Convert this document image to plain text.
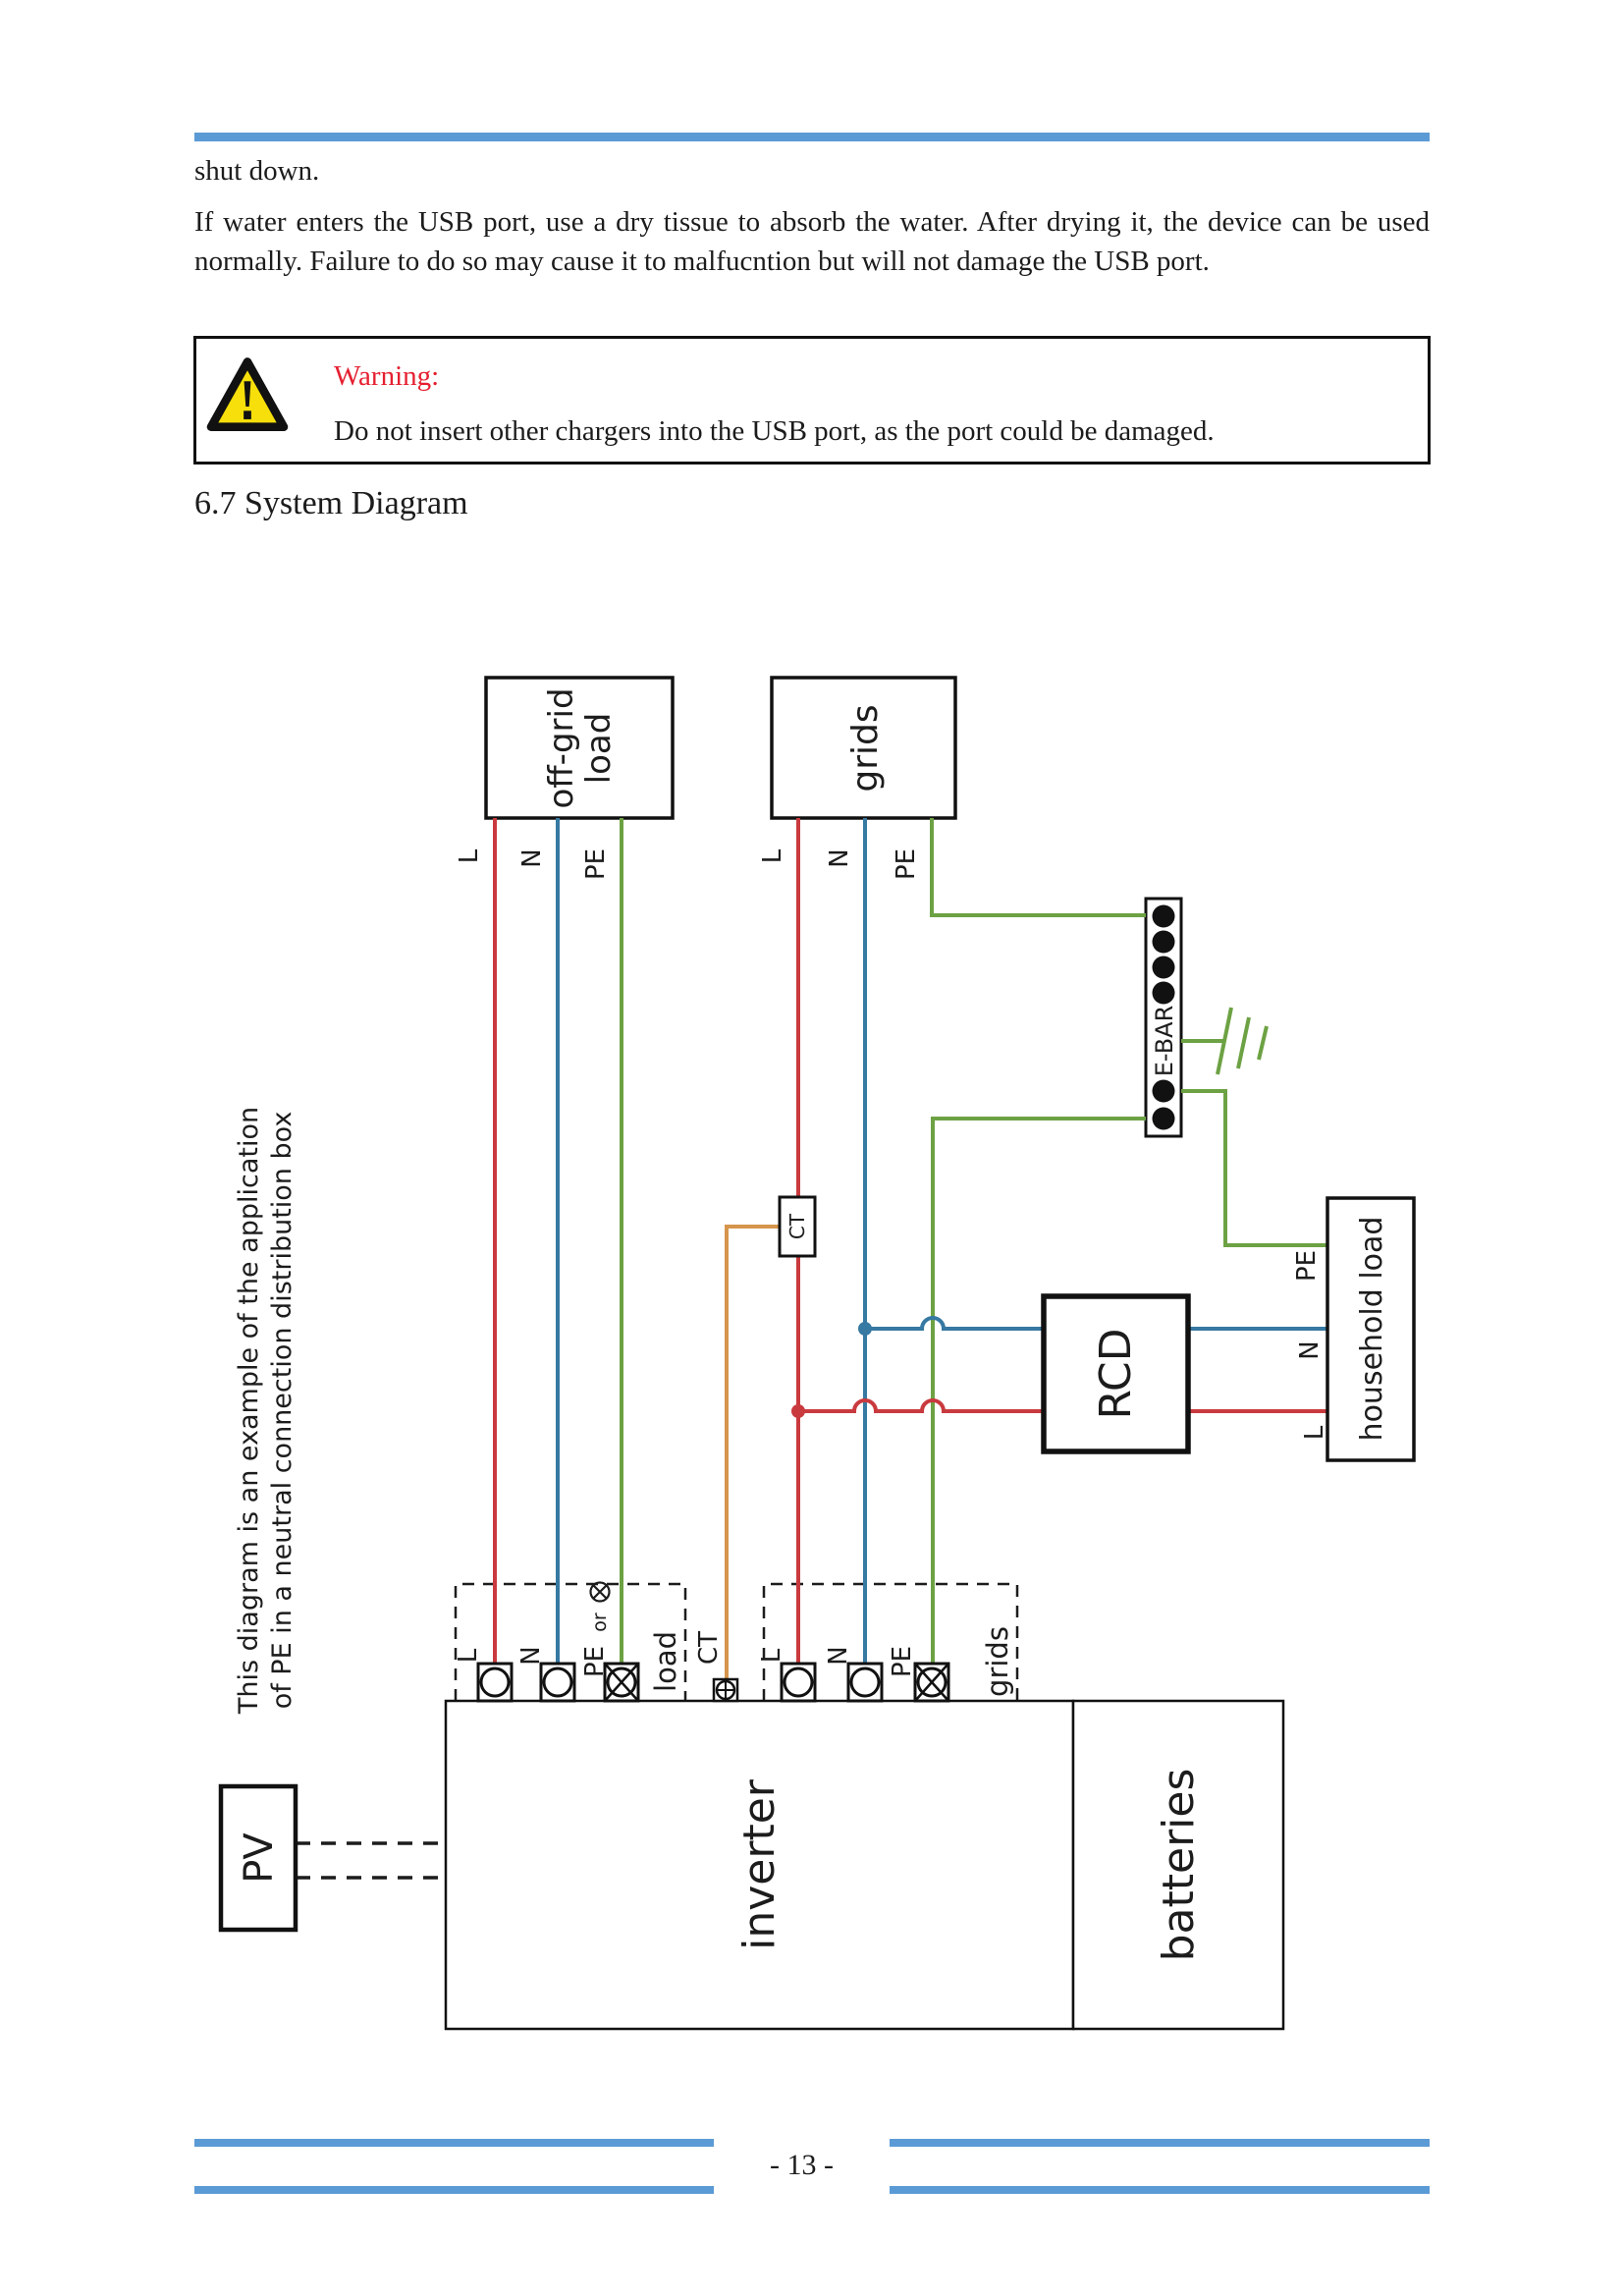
shut down.
If water enters the USB port, use a dry tissue to absorb the water. After drying it, the device can be used normally. Failure to do so may cause it to malfucntion but will not damage the USB port.
Warning:
Do not insert other chargers into the USB port, as the port could be damaged.
6.7 System Diagram
This diagram is an example of the application of PE in a neutral connection distribution box
off-grid
load	grids
CT
E-BAR
RCD	household load
PV	inverter	batteries
L N PE	L N PE
L N PE
or
load CT L N PE grids
PE
N
L
- 13 -
